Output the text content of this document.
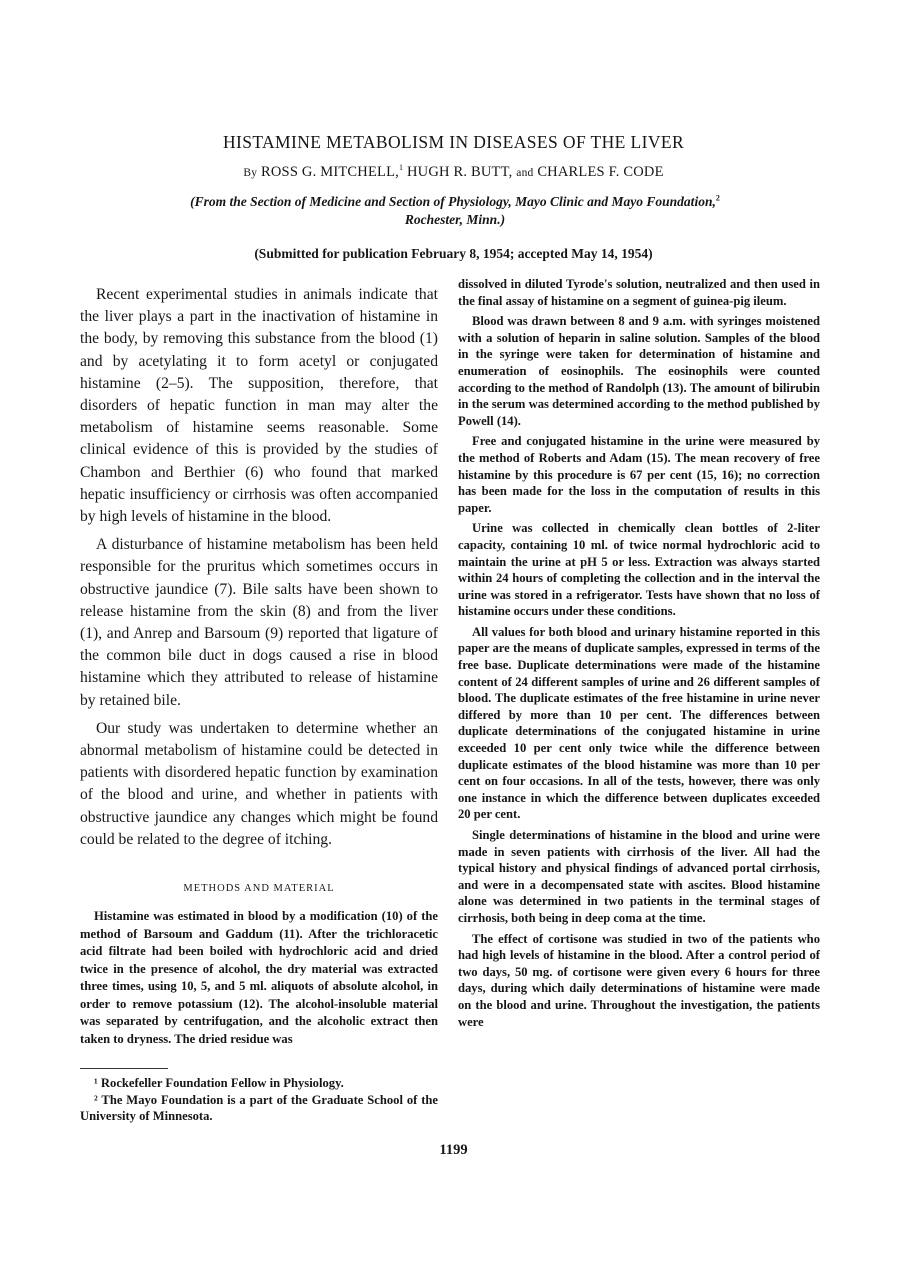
HISTAMINE METABOLISM IN DISEASES OF THE LIVER
By ROSS G. MITCHELL,$^1$ HUGH R. BUTT, and CHARLES F. CODE
(From the Section of Medicine and Section of Physiology, Mayo Clinic and Mayo Foundation,$^2$
Rochester, Minn.)
(Submitted for publication February 8, 1954; accepted May 14, 1954)

Recent experimental studies in animals indicate that the liver plays a part in the inactivation of histamine in the body, by removing this substance from the blood (1) and by acetylating it to form acetyl or conjugated histamine (2–5). The supposition, therefore, that disorders of hepatic function in man may alter the metabolism of histamine seems reasonable. Some clinical evidence of this is provided by the studies of Chambon and Berthier (6) who found that marked hepatic insufficiency or cirrhosis was often accompanied by high levels of histamine in the blood.

A disturbance of histamine metabolism has been held responsible for the pruritus which sometimes occurs in obstructive jaundice (7). Bile salts have been shown to release histamine from the skin (8) and from the liver (1), and Anrep and Barsoum (9) reported that ligature of the common bile duct in dogs caused a rise in blood histamine which they attributed to release of histamine by retained bile.

Our study was undertaken to determine whether an abnormal metabolism of histamine could be detected in patients with disordered hepatic function by examination of the blood and urine, and whether in patients with obstructive jaundice any changes which might be found could be related to the degree of itching.

METHODS AND MATERIAL

Histamine was estimated in blood by a modification (10) of the method of Barsoum and Gaddum (11). After the trichloracetic acid filtrate had been boiled with hydrochloric acid and dried twice in the presence of alcohol, the dry material was extracted three times, using 10, 5, and 5 ml. aliquots of absolute alcohol, in order to remove potassium (12). The alcohol-insoluble material was separated by centrifugation, and the alcoholic extract then taken to dryness. The dried residue was

¹ Rockefeller Foundation Fellow in Physiology.

² The Mayo Foundation is a part of the Graduate School of the University of Minnesota.

dissolved in diluted Tyrode's solution, neutralized and then used in the final assay of histamine on a segment of guinea-pig ileum.

Blood was drawn between 8 and 9 a.m. with syringes moistened with a solution of heparin in saline solution. Samples of the blood in the syringe were taken for determination of histamine and enumeration of eosinophils. The eosinophils were counted according to the method of Randolph (13). The amount of bilirubin in the serum was determined according to the method published by Powell (14).

Free and conjugated histamine in the urine were measured by the method of Roberts and Adam (15). The mean recovery of free histamine by this procedure is 67 per cent (15, 16); no correction has been made for the loss in the computation of results in this paper.

Urine was collected in chemically clean bottles of 2-liter capacity, containing 10 ml. of twice normal hydrochloric acid to maintain the urine at pH 5 or less. Extraction was always started within 24 hours of completing the collection and in the interval the urine was stored in a refrigerator. Tests have shown that no loss of histamine occurs under these conditions.

All values for both blood and urinary histamine reported in this paper are the means of duplicate samples, expressed in terms of the free base. Duplicate determinations were made of the histamine content of 24 different samples of urine and 26 different samples of blood. The duplicate estimates of the free histamine in urine never differed by more than 10 per cent. The differences between duplicate determinations of the conjugated histamine in urine exceeded 10 per cent only twice while the difference between duplicate estimates of the blood histamine was more than 10 per cent on four occasions. In all of the tests, however, there was only one instance in which the difference between duplicates exceeded 20 per cent.

Single determinations of histamine in the blood and urine were made in seven patients with cirrhosis of the liver. All had the typical history and physical findings of advanced portal cirrhosis, and were in a decompensated state with ascites. Blood histamine alone was determined in two patients in the terminal stages of cirrhosis, both being in deep coma at the time.

The effect of cortisone was studied in two of the patients who had high levels of histamine in the blood. After a control period of two days, 50 mg. of cortisone were given every 6 hours for three days, during which daily determinations of histamine were made on the blood and urine. Throughout the investigation, the patients were

1199
